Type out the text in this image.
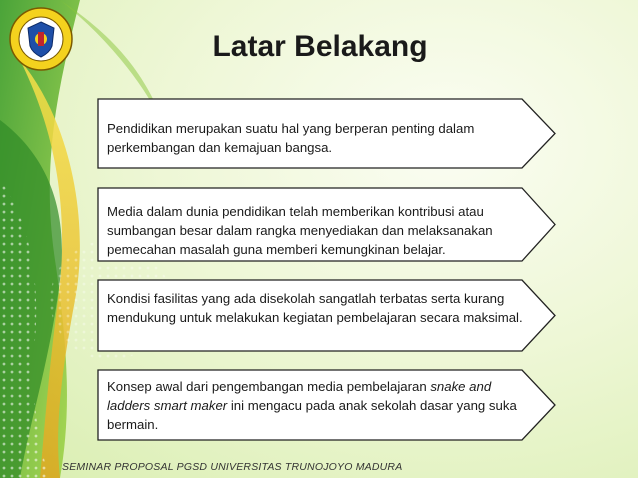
Latar Belakang
Pendidikan merupakan suatu hal yang berperan penting dalam perkembangan dan kemajuan bangsa.
Media dalam dunia pendidikan telah memberikan kontribusi atau sumbangan besar dalam rangka menyediakan dan melaksanakan pemecahan masalah guna memberi kemungkinan belajar.
Kondisi fasilitas yang ada disekolah sangatlah terbatas serta kurang mendukung untuk melakukan kegiatan pembelajaran secara maksimal.
Konsep awal dari pengembangan media pembelajaran snake and ladders smart maker ini mengacu pada anak sekolah dasar yang suka bermain.
SEMINAR PROPOSAL PGSD UNIVERSITAS TRUNOJOYO MADURA
